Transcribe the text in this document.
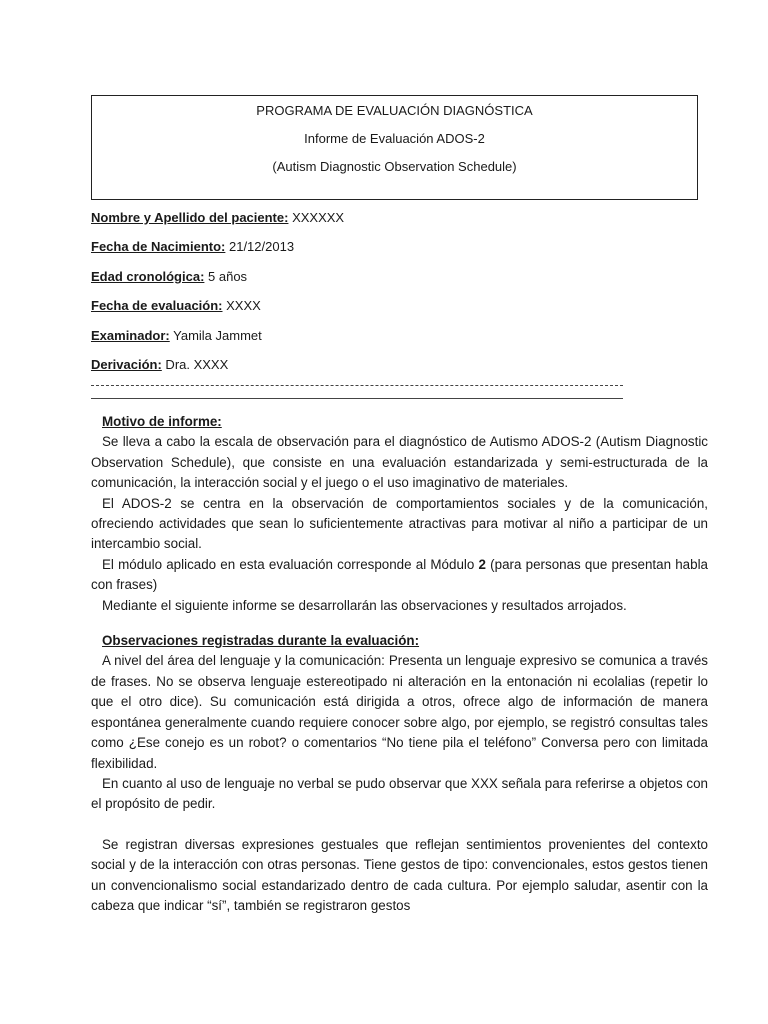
PROGRAMA DE EVALUACIÓN DIAGNÓSTICA
Informe de Evaluación ADOS-2
(Autism Diagnostic Observation Schedule)
Nombre y Apellido del paciente: XXXXXX
Fecha de Nacimiento: 21/12/2013
Edad cronológica: 5 años
Fecha de evaluación: XXXX
Examinador: Yamila Jammet
Derivación: Dra. XXXX
Motivo de informe:

Se lleva a cabo la escala de observación para el diagnóstico de Autismo ADOS-2 (Autism Diagnostic Observation Schedule), que consiste en una evaluación estandarizada y semi-estructurada de la comunicación, la interacción social y el juego o el uso imaginativo de materiales.

El ADOS-2 se centra en la observación de comportamientos sociales y de la comunicación, ofreciendo actividades que sean lo suficientemente atractivas para motivar al niño a participar de un intercambio social.

El módulo aplicado en esta evaluación corresponde al Módulo 2 (para personas que presentan habla con frases)

Mediante el siguiente informe se desarrollarán las observaciones y resultados arrojados.

Observaciones registradas durante la evaluación:

A nivel del área del lenguaje y la comunicación: Presenta un lenguaje expresivo se comunica a través de frases. No se observa lenguaje estereotipado ni alteración en la entonación ni ecolalias (repetir lo que el otro dice). Su comunicación está dirigida a otros, ofrece algo de información de manera espontánea generalmente cuando requiere conocer sobre algo, por ejemplo, se registró consultas tales como ¿Ese conejo es un robot? o comentarios “No tiene pila el teléfono” Conversa pero con limitada flexibilidad.

En cuanto al uso de lenguaje no verbal se pudo observar que XXX señala para referirse a objetos con el propósito de pedir.

Se registran diversas expresiones gestuales que reflejan sentimientos provenientes del contexto social y de la interacción con otras personas. Tiene gestos de tipo: convencionales, estos gestos tienen un convencionalismo social estandarizado dentro de cada cultura. Por ejemplo saludar, asentir con la cabeza que indicar “sí”, también se registraron gestos
